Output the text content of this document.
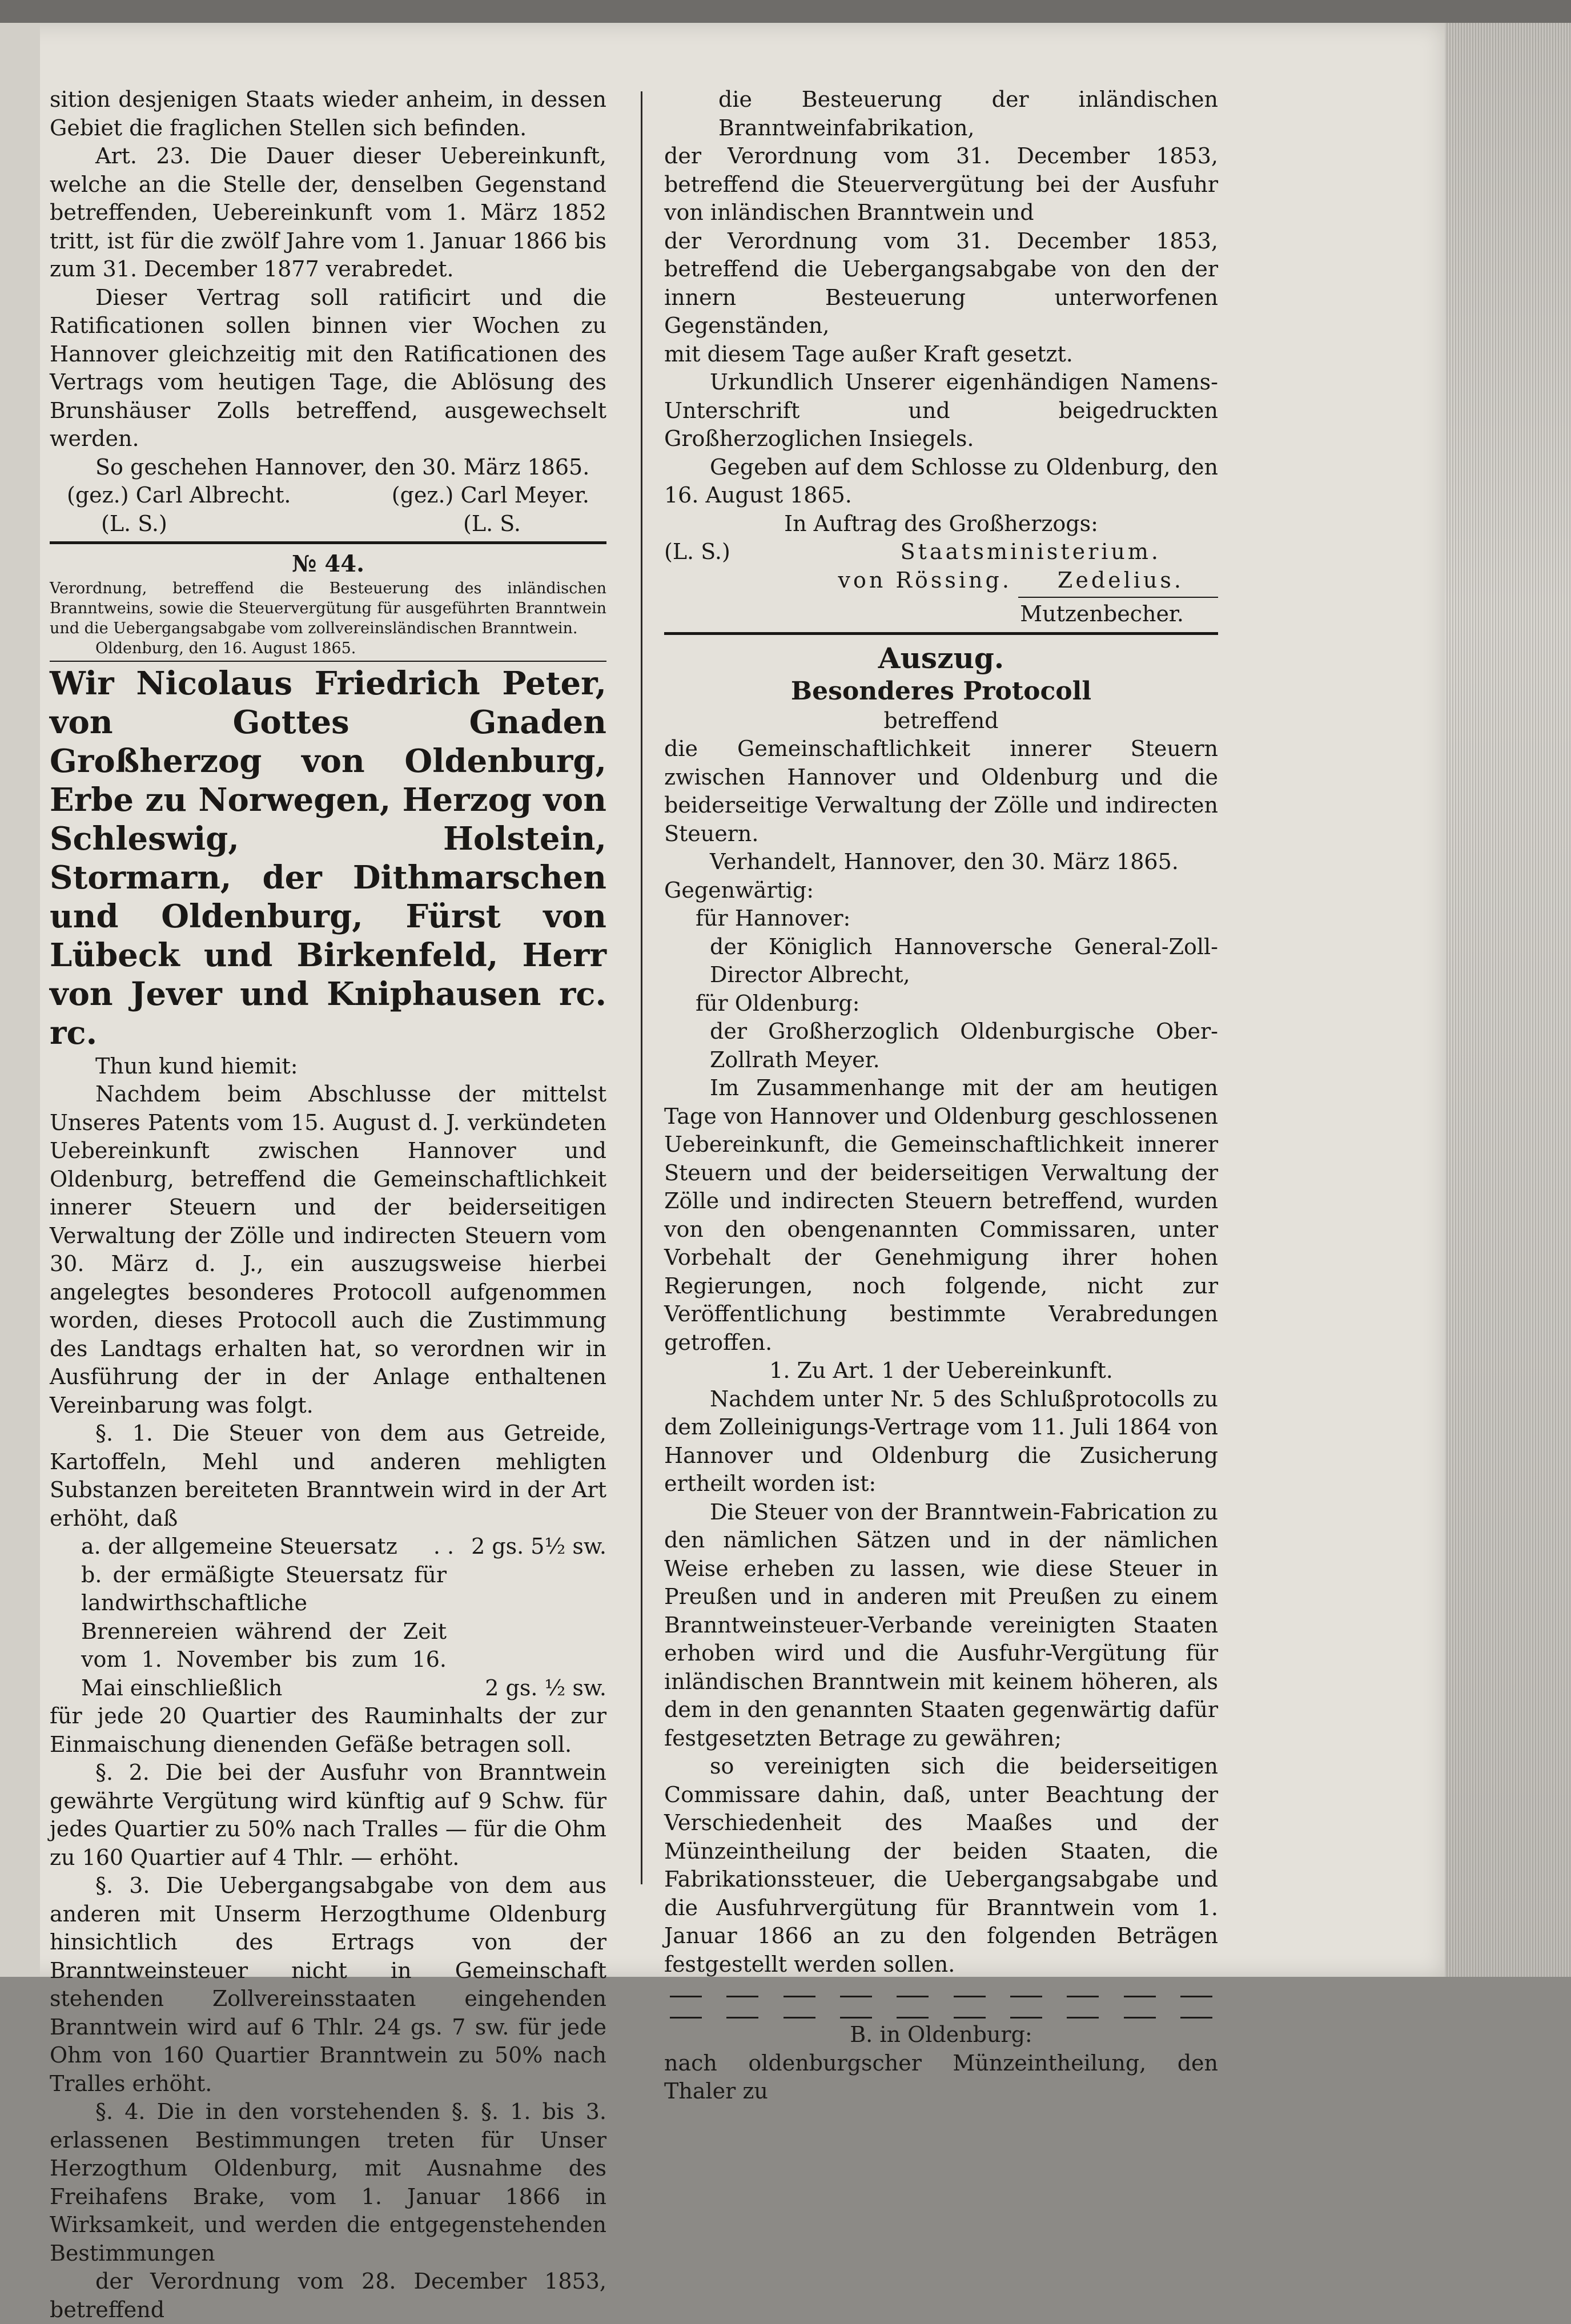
sition desjenigen Staats wieder anheim, in dessen Gebiet die fraglichen Stellen sich befinden.

Art. 23. Die Dauer dieser Uebereinkunft, welche an die Stelle der, denselben Gegenstand betreffenden, Uebereinkunft vom 1. März 1852 tritt, ist für die zwölf Jahre vom 1. Januar 1866 bis zum 31. December 1877 verabredet.

Dieser Vertrag soll ratificirt und die Ratificationen sollen binnen vier Wochen zu Hannover gleichzeitig mit den Ratificationen des Vertrags vom heutigen Tage, die Ablösung des Brunshäuser Zolls betreffend, ausgewechselt werden.

So geschehen Hannover, den 30. März 1865.

(gez.) Carl Albrecht.	(gez.) Carl Meyer.
(L. S.)	(L. S.
№ 44.

Verordnung, betreffend die Besteuerung des inländischen Branntweins, sowie die Steuervergütung für ausgeführten Branntwein und die Uebergangsabgabe vom zollvereinsländischen Branntwein.

Oldenburg, den 16. August 1865.

Wir Nicolaus Friedrich Peter, von Gottes Gnaden Großherzog von Oldenburg, Erbe zu Norwegen, Herzog von Schleswig, Holstein, Stormarn, der Dithmarschen und Oldenburg, Fürst von Lübeck und Birkenfeld, Herr von Jever und Kniphausen rc. rc.

Thun kund hiemit:

Nachdem beim Abschlusse der mittelst Unseres Patents vom 15. August d. J. verkündeten Uebereinkunft zwischen Hannover und Oldenburg, betreffend die Gemeinschaftlichkeit innerer Steuern und der beiderseitigen Verwaltung der Zölle und indirecten Steuern vom 30. März d. J., ein auszugsweise hierbei angelegtes besonderes Protocoll aufgenommen worden, dieses Protocoll auch die Zustimmung des Landtags erhalten hat, so verordnen wir in Ausführung der in der Anlage enthaltenen Vereinbarung was folgt.

§. 1. Die Steuer von dem aus Getreide, Kartoffeln, Mehl und anderen mehligten Substanzen bereiteten Branntwein wird in der Art erhöht, daß

a. der allgemeine Steuersatz . . 2 gs. 5½ sw.
b. der ermäßigte Steuersatz für landwirthschaftliche Brennereien während der Zeit vom 1. November bis zum 16. Mai einschließlich	2 gs. ½ sw.

für jede 20 Quartier des Rauminhalts der zur Einmaischung dienenden Gefäße betragen soll.

§. 2. Die bei der Ausfuhr von Branntwein gewährte Vergütung wird künftig auf 9 Schw. für jedes Quartier zu 50% nach Tralles — für die Ohm zu 160 Quartier auf 4 Thlr. — erhöht.

§. 3. Die Uebergangsabgabe von dem aus anderen mit Unserm Herzogthume Oldenburg hinsichtlich des Ertrags von der Branntweinsteuer nicht in Gemeinschaft stehenden Zollvereinsstaaten eingehenden Branntwein wird auf 6 Thlr. 24 gs. 7 sw. für jede Ohm von 160 Quartier Branntwein zu 50% nach Tralles erhöht.

§. 4. Die in den vorstehenden §. §. 1. bis 3. erlassenen Bestimmungen treten für Unser Herzogthum Oldenburg, mit Ausnahme des Freihafens Brake, vom 1. Januar 1866 in Wirksamkeit, und werden die entgegenstehenden Bestimmungen

der Verordnung vom 28. December 1853, betreffend

die Besteuerung der inländischen Branntweinfabrikation,

der Verordnung vom 31. December 1853, betreffend die Steuervergütung bei der Ausfuhr von inländischen Branntwein und

der Verordnung vom 31. December 1853, betreffend die Uebergangsabgabe von den der innern Besteuerung unterworfenen Gegenständen,

mit diesem Tage außer Kraft gesetzt.

Urkundlich Unserer eigenhändigen Namens-Unterschrift und beigedruckten Großherzoglichen Insiegels.

Gegeben auf dem Schlosse zu Oldenburg, den 16. August 1865.

In Auftrag des Großherzogs:

(L. S.)	Staatsministerium.
von Rössing. Zedelius.
Mutzenbecher.
Auszug.
Besonderes Protocoll

betreffend

die Gemeinschaftlichkeit innerer Steuern zwischen Hannover und Oldenburg und die beiderseitige Verwaltung der Zölle und indirecten Steuern.

Verhandelt, Hannover, den 30. März 1865.

Gegenwärtig:

für Hannover:

der Königlich Hannoversche General-Zoll-Director Albrecht,

für Oldenburg:

der Großherzoglich Oldenburgische Ober-Zollrath Meyer.

Im Zusammenhange mit der am heutigen Tage von Hannover und Oldenburg geschlossenen Uebereinkunft, die Gemeinschaftlichkeit innerer Steuern und der beiderseitigen Verwaltung der Zölle und indirecten Steuern betreffend, wurden von den obengenannten Commissaren, unter Vorbehalt der Genehmigung ihrer hohen Regierungen, noch folgende, nicht zur Veröffentlichung bestimmte Verabredungen getroffen.

1. Zu Art. 1 der Uebereinkunft.

Nachdem unter Nr. 5 des Schlußprotocolls zu dem Zolleinigungs-Vertrage vom 11. Juli 1864 von Hannover und Oldenburg die Zusicherung ertheilt worden ist:

Die Steuer von der Branntwein-Fabrication zu den nämlichen Sätzen und in der nämlichen Weise erheben zu lassen, wie diese Steuer in Preußen und in anderen mit Preußen zu einem Branntweinsteuer-Verbande vereinigten Staaten erhoben wird und die Ausfuhr-Vergütung für inländischen Branntwein mit keinem höheren, als dem in den genannten Staaten gegenwärtig dafür festgesetzten Betrage zu gewähren;

so vereinigten sich die beiderseitigen Commissare dahin, daß, unter Beachtung der Verschiedenheit des Maaßes und der Münzeintheilung der beiden Staaten, die Fabrikationssteuer, die Uebergangsabgabe und die Ausfuhrvergütung für Branntwein vom 1. Januar 1866 an zu den folgenden Beträgen festgestellt werden sollen.

B. in Oldenburg:

nach oldenburgscher Münzeintheilung, den Thaler zu
